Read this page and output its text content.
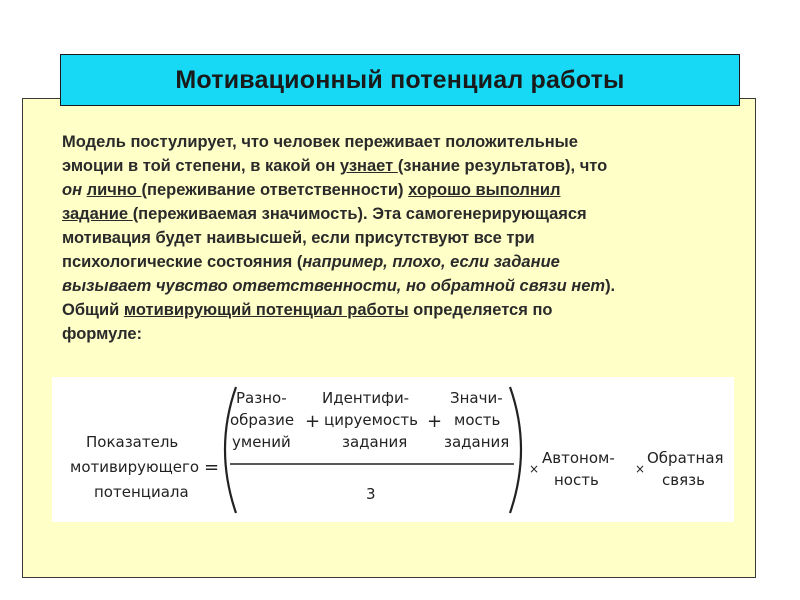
Мотивационный потенциал работы
Модель постулирует, что человек переживает положительные
эмоции в той степени, в какой он узнает (знание результатов), что
он лично (переживание ответственности) хорошо выполнил
задание (переживаемая значимость). Эта самогенерирующаяся
мотивация будет наивысшей, если присутствуют все три
психологические состояния (например, плохо, если задание
вызывает чувство ответственности, но обратной связи нет).
Общий мотивирующий потенциал работы определяется по
формуле:
Показатель
мотивирующего
потенциала
=
Разно-
образие
умений
+
Идентифи-
цируемость
задания
+
Значи-
мость
задания
3
×
Автоном-
ность
×
Обратная
связь
